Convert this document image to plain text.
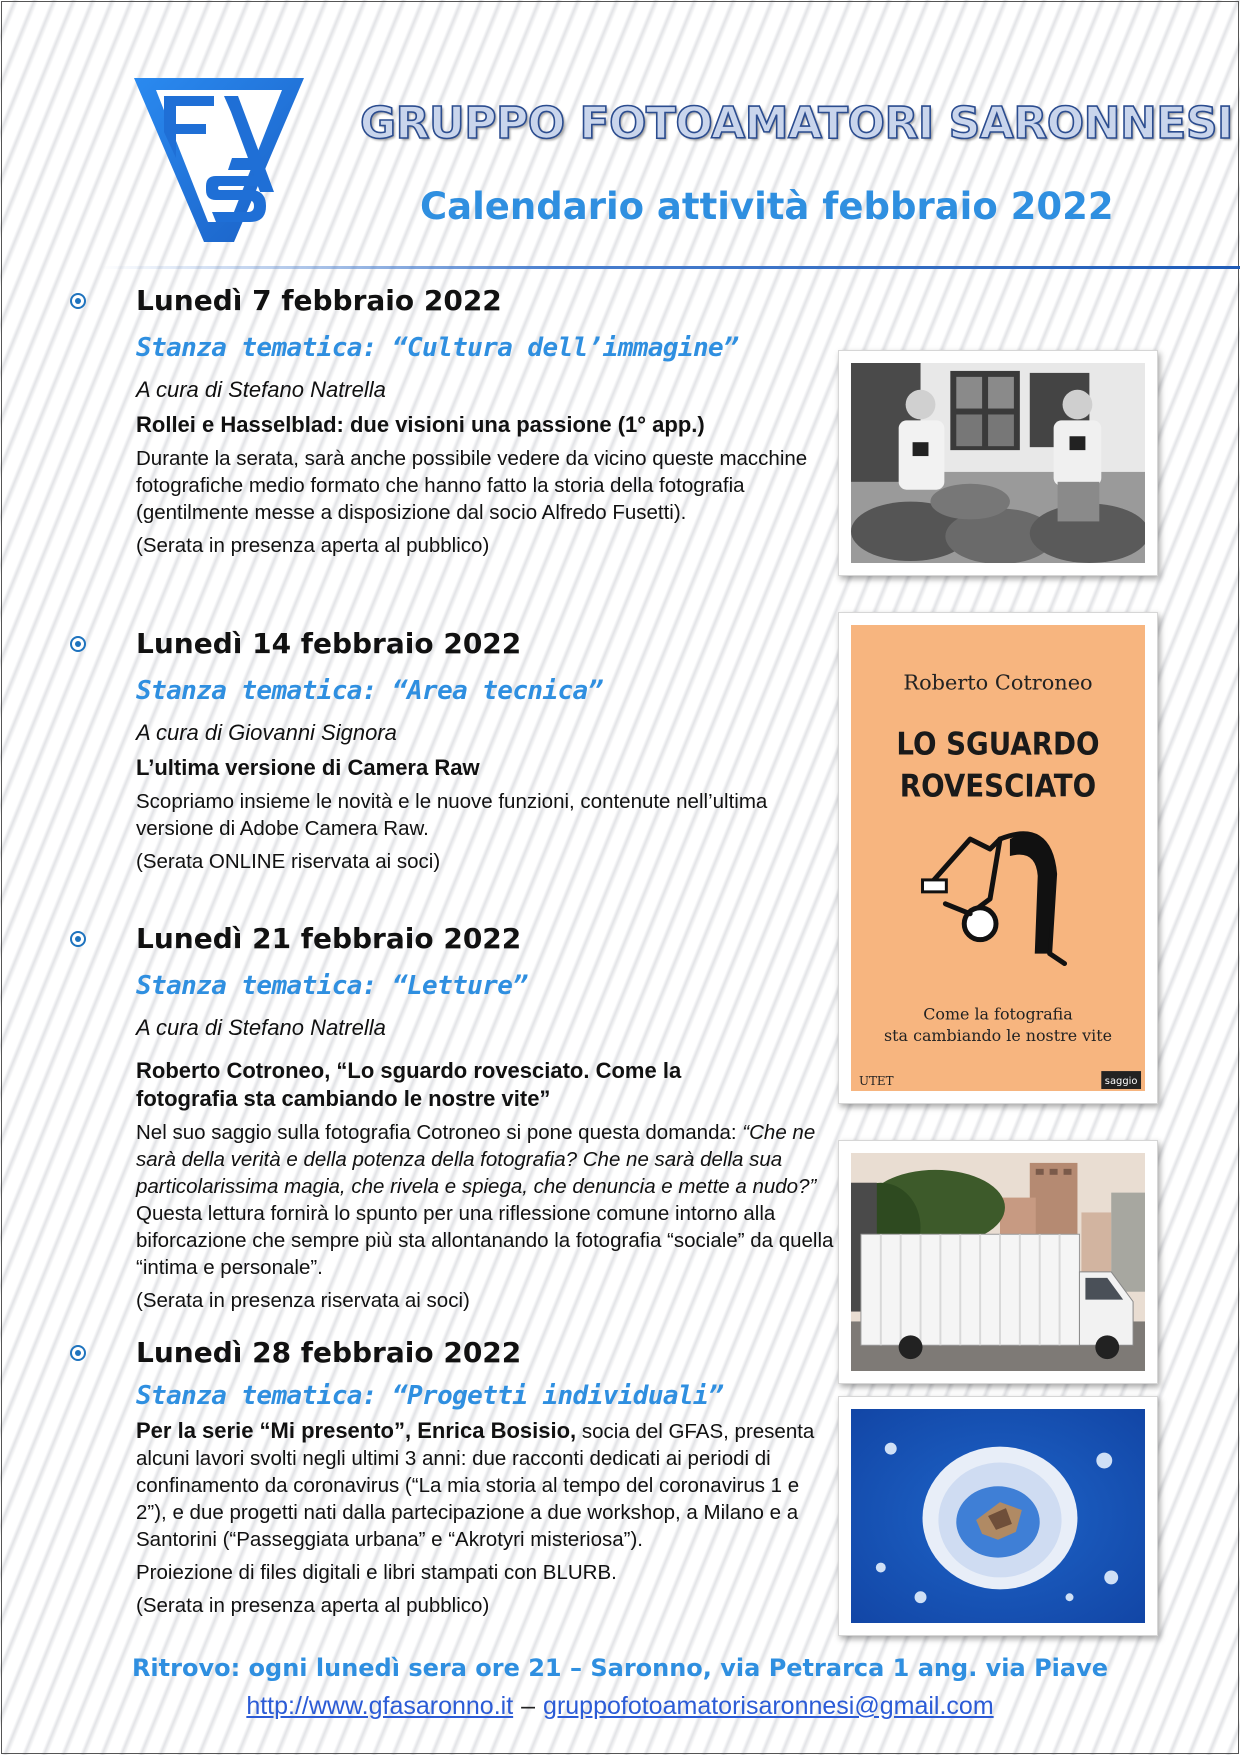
GRUPPO FOTOAMATORI SARONNESI
Calendario attività febbraio 2022
Lunedì 7 febbraio 2022
Stanza tematica: “Cultura dell’immagine”
A cura di Stefano Natrella
Rollei e Hasselblad: due visioni una passione (1° app.)
Durante la serata, sarà anche possibile vedere da vicino queste macchine fotografiche medio formato che hanno fatto la storia della fotografia (gentilmente messe a disposizione dal socio Alfredo Fusetti).
(Serata in presenza aperta al pubblico)
Lunedì 14 febbraio 2022
Stanza tematica: “Area tecnica”
A cura di Giovanni Signora
L’ultima versione di Camera Raw
Scopriamo insieme le novità e le nuove funzioni, contenute nell’ultima versione di Adobe Camera Raw.
(Serata ONLINE riservata ai soci)
Lunedì 21 febbraio 2022
Stanza tematica: “Letture”
A cura di Stefano Natrella
Roberto Cotroneo, “Lo sguardo rovesciato. Come la fotografia sta cambiando le nostre vite”
Nel suo saggio sulla fotografia Cotroneo si pone questa domanda: “Che ne sarà della verità e della potenza della fotografia? Che ne sarà della sua particolarissima magia, che rivela e spiega, che denuncia e mette a nudo?” Questa lettura fornirà lo spunto per una riflessione comune intorno alla biforcazione che sempre più sta allontanando la fotografia “sociale” da quella “intima e personale”.
(Serata in presenza riservata ai soci)
Lunedì 28 febbraio 2022
Stanza tematica: “Progetti individuali”
Per la serie “Mi presento”, Enrica Bosisio, socia del GFAS, presenta alcuni lavori svolti negli ultimi 3 anni: due racconti dedicati ai periodi di confinamento da coronavirus (“La mia storia al tempo del coronavirus 1 e 2”), e due progetti nati dalla partecipazione a due workshop, a Milano e a Santorini (“Passeggiata urbana” e “Akrotyri misteriosa”).
Proiezione di files digitali e libri stampati con BLURB.
(Serata in presenza aperta al pubblico)
Roberto Cotroneo
LO SGUARDO
ROVESCIATO
Come la fotografia
sta cambiando le nostre vite
UTET	saggio
Ritrovo: ogni lunedì sera ore 21 – Saronno, via Petrarca 1 ang. via Piave
http://www.gfasaronno.it – gruppofotoamatorisaronnesi@gmail.com
